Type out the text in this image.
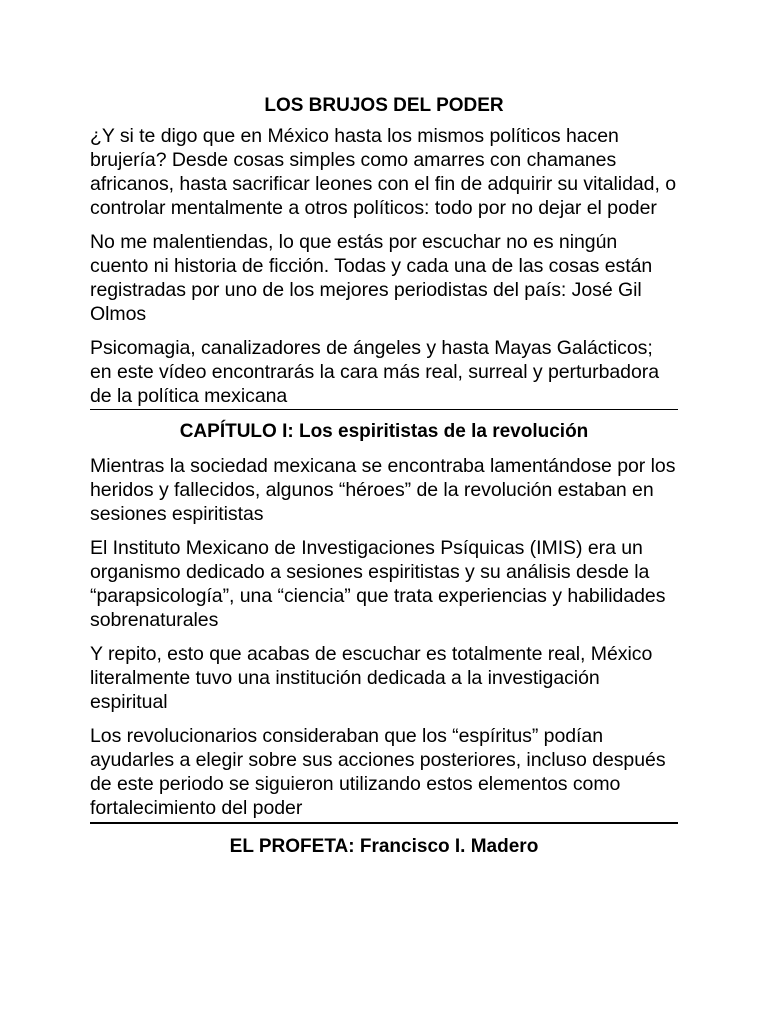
LOS BRUJOS DEL PODER

¿Y si te digo que en México hasta los mismos políticos hacen brujería? Desde cosas simples como amarres con chamanes africanos, hasta sacrificar leones con el fin de adquirir su vitalidad, o controlar mentalmente a otros políticos: todo por no dejar el poder

No me malentiendas, lo que estás por escuchar no es ningún cuento ni historia de ficción. Todas y cada una de las cosas están registradas por uno de los mejores periodistas del país: José Gil Olmos

Psicomagia, canalizadores de ángeles y hasta Mayas Galácticos; en este vídeo encontrarás la cara más real, surreal y perturbadora de la política mexicana

CAPÍTULO I: Los espiritistas de la revolución

Mientras la sociedad mexicana se encontraba lamentándose por los heridos y fallecidos, algunos “héroes” de la revolución estaban en sesiones espiritistas

El Instituto Mexicano de Investigaciones Psíquicas (IMIS) era un organismo dedicado a sesiones espiritistas y su análisis desde la “parapsicología”, una “ciencia” que trata experiencias y habilidades sobrenaturales

Y repito, esto que acabas de escuchar es totalmente real, México literalmente tuvo una institución dedicada a la investigación espiritual

Los revolucionarios consideraban que los “espíritus” podían ayudarles a elegir sobre sus acciones posteriores, incluso después de este periodo se siguieron utilizando estos elementos como fortalecimiento del poder

EL PROFETA: Francisco I. Madero
